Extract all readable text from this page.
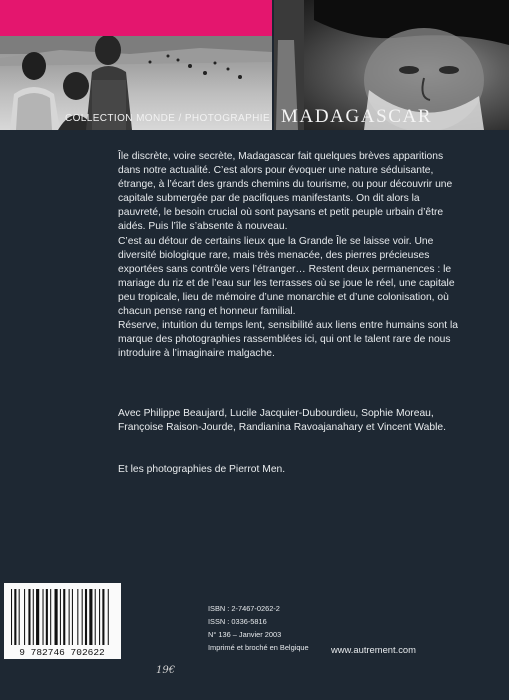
COLLECTION MONDE / PHOTOGRAPHIE MADAGASCAR

Île discrète, voire secrète, Madagascar fait quelques brèves apparitions dans notre actualité. C’est alors pour évoquer une nature séduisante, étrange, à l’écart des grands chemins du tourisme, ou pour découvrir une capitale submergée par de pacifiques manifestants. On dit alors la pauvreté, le besoin crucial où sont paysans et petit peuple urbain d’être aidés. Puis l’île s’absente à nouveau.

C’est au détour de certains lieux que la Grande Île se laisse voir. Une diversité biologique rare, mais très menacée, des pierres précieuses exportées sans contrôle vers l’étranger… Restent deux permanences : le mariage du riz et de l’eau sur les terrasses où se joue le réel, une capitale peu tropicale, lieu de mémoire d’une monarchie et d’une colonisation, où chacun pense rang et honneur familial.

Réserve, intuition du temps lent, sensibilité aux liens entre humains sont la marque des photographies rassemblées ici, qui ont le talent rare de nous introduire à l’imaginaire malgache.

Avec Philippe Beaujard, Lucile Jacquier-Dubourdieu, Sophie Moreau, Françoise Raison-Jourde, Randianina Ravoajanahary et Vincent Wable.

Et les photographies de Pierrot Men.
9 782746 702622
ISBN : 2-7467-0262-2
ISSN : 0336-5816
N° 136 – Janvier 2003
Imprimé et broché en Belgique www.autrement.com
19€
